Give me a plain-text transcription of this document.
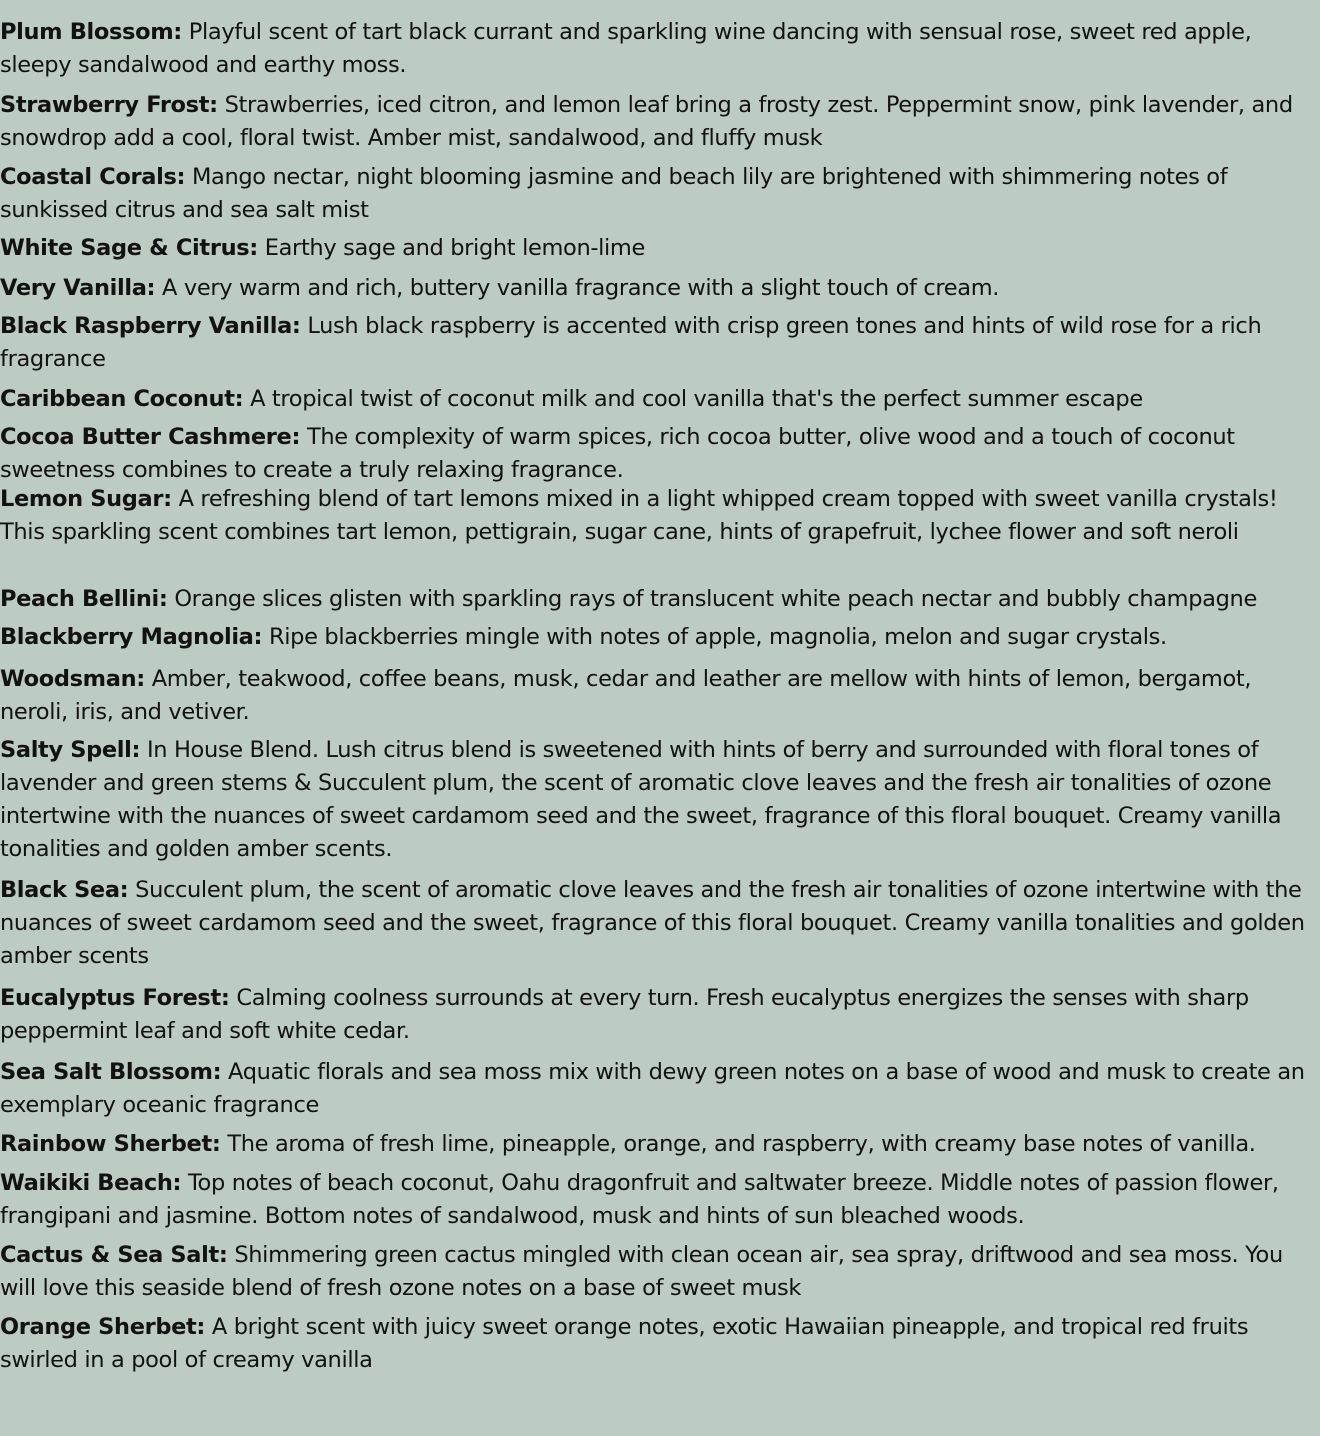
Plum Blossom: Playful scent of tart black currant and sparkling wine dancing with sensual rose, sweet red apple, sleepy sandalwood and earthy moss.

Strawberry Frost: Strawberries, iced citron, and lemon leaf bring a frosty zest. Peppermint snow, pink lavender, and snowdrop add a cool, floral twist. Amber mist, sandalwood, and fluffy musk

Coastal Corals: Mango nectar, night blooming jasmine and beach lily are brightened with shimmering notes of sunkissed citrus and sea salt mist

White Sage & Citrus: Earthy sage and bright lemon-lime

Very Vanilla: A very warm and rich, buttery vanilla fragrance with a slight touch of cream.

Black Raspberry Vanilla: Lush black raspberry is accented with crisp green tones and hints of wild rose for a rich fragrance

Caribbean Coconut: A tropical twist of coconut milk and cool vanilla that's the perfect summer escape

Cocoa Butter Cashmere: The complexity of warm spices, rich cocoa butter, olive wood and a touch of coconut sweetness combines to create a truly relaxing fragrance.

Lemon Sugar: A refreshing blend of tart lemons mixed in a light whipped cream topped with sweet vanilla crystals! This sparkling scent combines tart lemon, pettigrain, sugar cane, hints of grapefruit, lychee flower and soft neroli

Peach Bellini: Orange slices glisten with sparkling rays of translucent white peach nectar and bubbly champagne

Blackberry Magnolia: Ripe blackberries mingle with notes of apple, magnolia, melon and sugar crystals.

Woodsman: Amber, teakwood, coffee beans, musk, cedar and leather are mellow with hints of lemon, bergamot, neroli, iris, and vetiver.

Salty Spell: In House Blend. Lush citrus blend is sweetened with hints of berry and surrounded with floral tones of lavender and green stems & Succulent plum, the scent of aromatic clove leaves and the fresh air tonalities of ozone intertwine with the nuances of sweet cardamom seed and the sweet, fragrance of this floral bouquet. Creamy vanilla tonalities and golden amber scents.

Black Sea: Succulent plum, the scent of aromatic clove leaves and the fresh air tonalities of ozone intertwine with the nuances of sweet cardamom seed and the sweet, fragrance of this floral bouquet. Creamy vanilla tonalities and golden amber scents

Eucalyptus Forest: Calming coolness surrounds at every turn. Fresh eucalyptus energizes the senses with sharp peppermint leaf and soft white cedar.

Sea Salt Blossom: Aquatic florals and sea moss mix with dewy green notes on a base of wood and musk to create an exemplary oceanic fragrance

Rainbow Sherbet: The aroma of fresh lime, pineapple, orange, and raspberry, with creamy base notes of vanilla.

Waikiki Beach: Top notes of beach coconut, Oahu dragonfruit and saltwater breeze. Middle notes of passion flower, frangipani and jasmine. Bottom notes of sandalwood, musk and hints of sun bleached woods.

Cactus & Sea Salt: Shimmering green cactus mingled with clean ocean air, sea spray, driftwood and sea moss. You will love this seaside blend of fresh ozone notes on a base of sweet musk

Orange Sherbet: A bright scent with juicy sweet orange notes, exotic Hawaiian pineapple, and tropical red fruits swirled in a pool of creamy vanilla
